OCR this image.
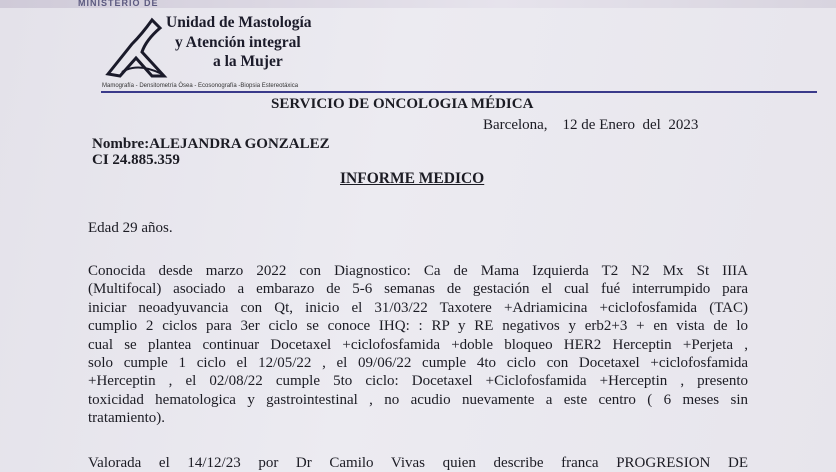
MINISTERIO DE
Unidad de Mastología
y Atención integral
a la Mujer
Mamografía - Densitometría Ósea - Ecosonografía -Biopsia Estereotáxica
SERVICIO DE ONCOLOGIA MÉDICA
Barcelona,    12 de Enero  del  2023
Nombre:ALEJANDRA GONZALEZ
CI 24.885.359
INFORME MEDICO
Edad 29 años.
Conocida desde marzo 2022 con Diagnostico: Ca de Mama Izquierda T2 N2 Mx St IIIA
(Multifocal) asociado a embarazo de 5-6 semanas de gestación el cual fué interrumpido para
iniciar neoadyuvancia con Qt, inicio el 31/03/22 Taxotere +Adriamicina +ciclofosfamida (TAC)
cumplio 2 ciclos para 3er ciclo se conoce IHQ: : RP y RE negativos y erb2+3 + en vista de lo
cual se plantea continuar Docetaxel +ciclofosfamida +doble bloqueo HER2 Herceptin +Perjeta ,
solo cumple 1 ciclo el 12/05/22 , el 09/06/22 cumple 4to ciclo con Docetaxel +ciclofosfamida
+Herceptin , el 02/08/22 cumple 5to ciclo: Docetaxel +Ciclofosfamida +Herceptin , presento
toxicidad hematologica y gastrointestinal , no acudio nuevamente a este centro ( 6 meses sin
tratamiento).
Valorada el 14/12/23 por Dr Camilo Vivas quien describe franca PROGRESION DE
